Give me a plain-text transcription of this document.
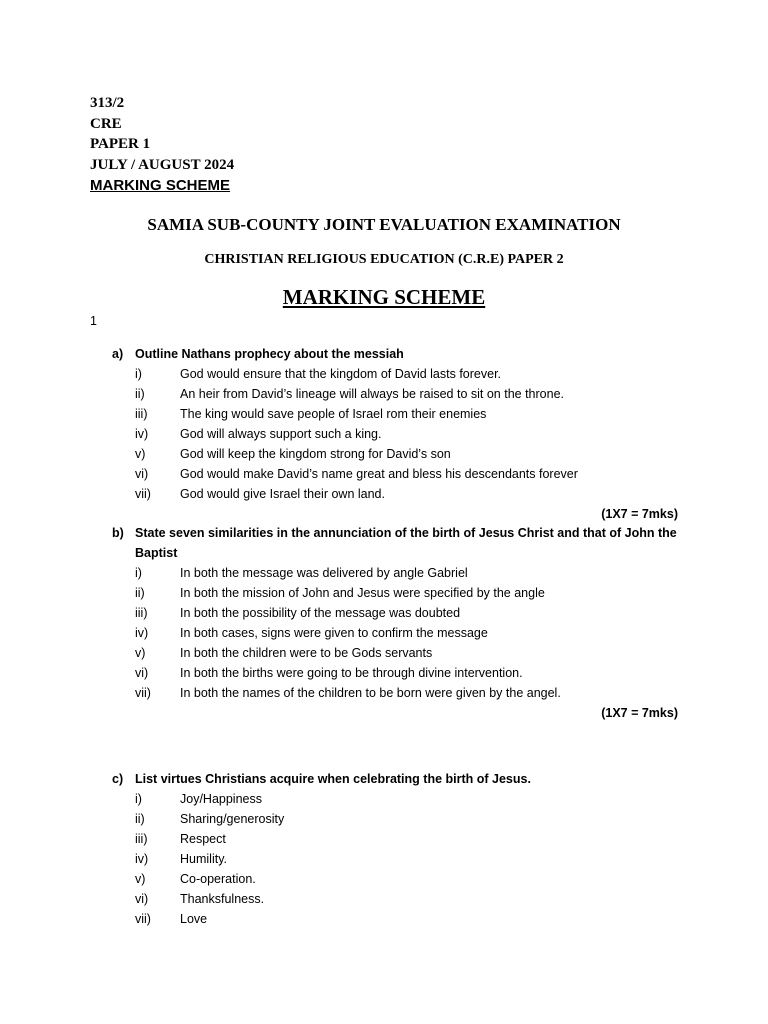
313/2
CRE
PAPER 1
JULY / AUGUST 2024
MARKING SCHEME
SAMIA SUB-COUNTY JOINT EVALUATION EXAMINATION
CHRISTIAN RELIGIOUS EDUCATION (C.R.E) PAPER 2
MARKING SCHEME
1
a) Outline Nathans prophecy about the messiah
i)	God would ensure that the kingdom of David lasts forever.
ii)	An heir from David’s lineage will always be raised to sit on the throne.
iii)	The king would save people of Israel rom their enemies
iv)	God will always support such a king.
v)	God will keep the kingdom strong for David’s son
vi)	God would make David’s name great and bless his descendants forever
vii)	God would give Israel their own land.
(1X7 = 7mks)
b) State seven similarities in the annunciation of the birth of Jesus Christ and that of John the Baptist
i)	In both the message was delivered by angle Gabriel
ii)	In both the mission of John and Jesus were specified by the angle
iii)	In both the possibility of the message was doubted
iv)	In both cases, signs were given to confirm the message
v)	In both the children were to be Gods servants
vi)	In both the births were going to be through divine intervention.
vii)	In both the names of the children to be born were given by the angel.
(1X7 = 7mks)
c) List virtues Christians acquire when celebrating the birth of Jesus.
i)	Joy/Happiness
ii)	Sharing/generosity
iii)	Respect
iv)	Humility.
v)	Co-operation.
vi)	Thanksfulness.
vii)	Love
